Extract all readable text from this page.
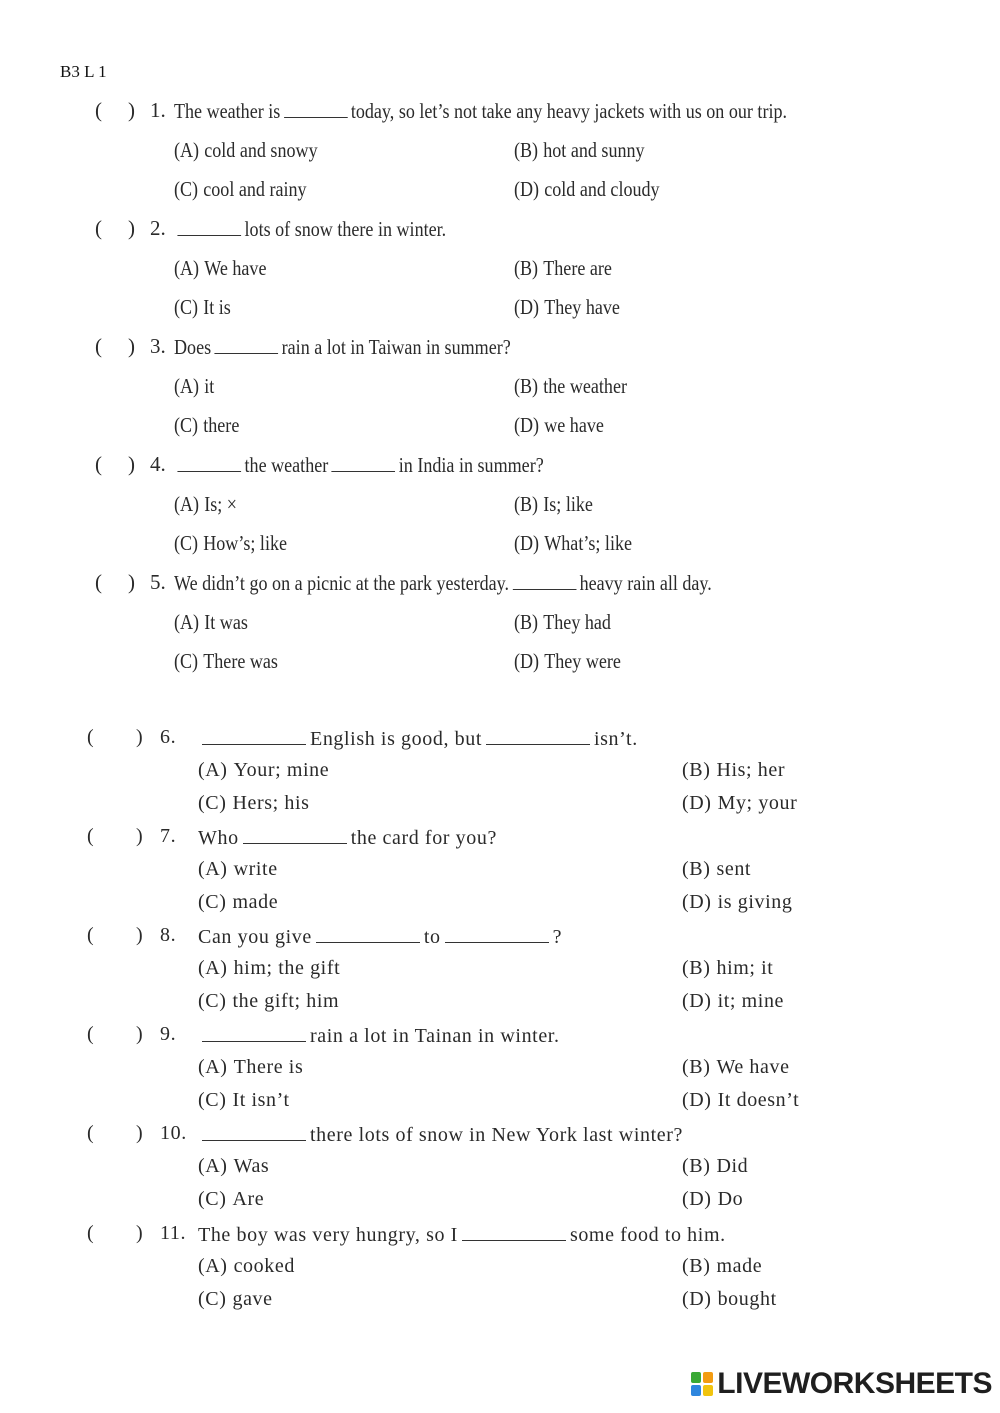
B3 L 1
( ) 1. The weather is	today, so let’s not take any heavy jackets with us on our trip.
(A) cold and snowy	(B) hot and sunny
(C) cool and rainy	(D) cold and cloudy
( ) 2.	lots of snow there in winter.
(A) We have	(B) There are
(C) It is	(D) They have
( ) 3. Does	rain a lot in Taiwan in summer?
(A) it	(B) the weather
(C) there	(D) we have
( ) 4.	the weather	in India in summer?
(A) Is; ×	(B) Is; like
(C) How’s; like	(D) What’s; like
( ) 5. We didn’t go on a picnic at the park yesterday.	heavy rain all day.
(A) It was	(B) They had
(C) There was	(D) They were
( ) 6.	English is good, but	isn’t.
(A) Your; mine	(B) His; her
(C) Hers; his	(D) My; your
( ) 7. Who	the card for you?
(A) write	(B) sent
(C) made	(D) is giving
( ) 8. Can you give	to	?
(A) him; the gift	(B) him; it
(C) the gift; him	(D) it; mine
( ) 9.	rain a lot in Tainan in winter.
(A) There is	(B) We have
(C) It isn’t	(D) It doesn’t
( ) 10.	there lots of snow in New York last winter?
(A) Was	(B) Did
(C) Are	(D) Do
( ) 11. The boy was very hungry, so I	some food to him.
(A) cooked	(B) made
(C) gave	(D) bought
LIVEWORKSHEETS
